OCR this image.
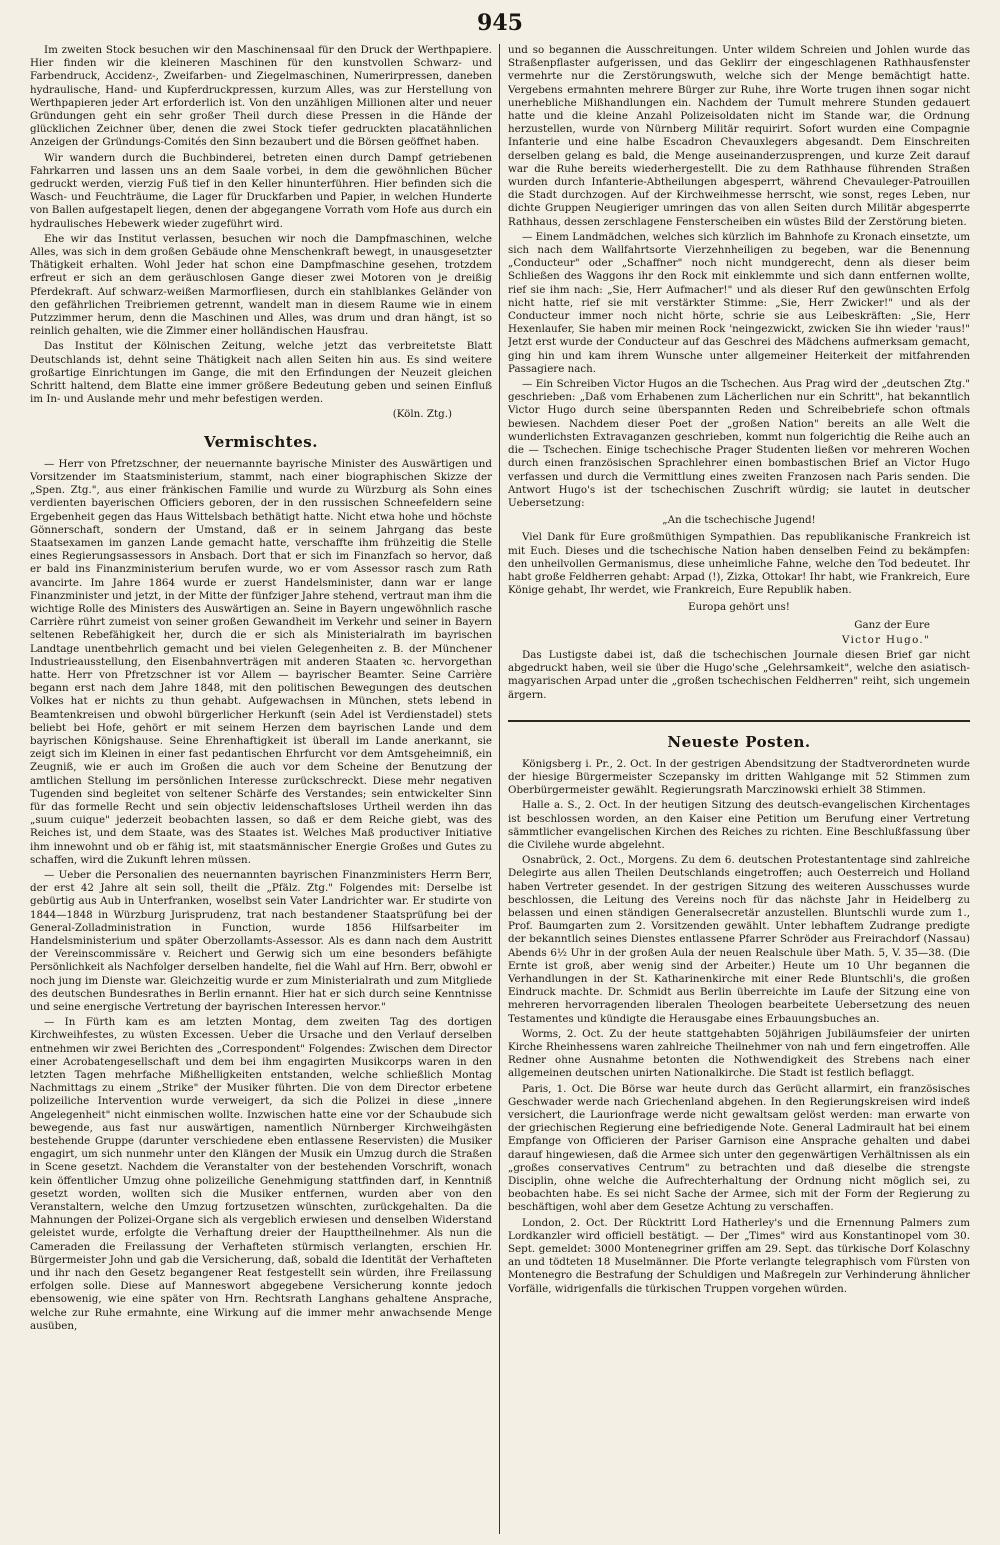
945

Im zweiten Stock besuchen wir den Maschinensaal für den Druck der Werthpapiere. Hier finden wir die kleineren Maschinen für den kunstvollen Schwarz- und Farbendruck, Accidenz-, Zweifarben- und Ziegelmaschinen, Numerirpressen, daneben hydraulische, Hand- und Kupferdruckpressen, kurzum Alles, was zur Herstellung von Werthpapieren jeder Art erforderlich ist. Von den unzähligen Millionen alter und neuer Gründungen geht ein sehr großer Theil durch diese Pressen in die Hände der glücklichen Zeichner über, denen die zwei Stock tiefer gedruckten placatähnlichen Anzeigen der Gründungs-Comités den Sinn bezaubert und die Börsen geöffnet haben.

Wir wandern durch die Buchbinderei, betreten einen durch Dampf getriebenen Fahrkarren und lassen uns an dem Saale vorbei, in dem die gewöhnlichen Bücher gedruckt werden, vierzig Fuß tief in den Keller hinunterführen. Hier befinden sich die Wasch- und Feuchträume, die Lager für Druckfarben und Papier, in welchen Hunderte von Ballen aufgestapelt liegen, denen der abgegangene Vorrath vom Hofe aus durch ein hydraulisches Hebewerk wieder zugeführt wird.

Ehe wir das Institut verlassen, besuchen wir noch die Dampfmaschinen, welche Alles, was sich in dem großen Gebäude ohne Menschenkraft bewegt, in unausgesetzter Thätigkeit erhalten. Wohl Jeder hat schon eine Dampfmaschine gesehen, trotzdem erfreut er sich an dem geräuschlosen Gange dieser zwei Motoren von je dreißig Pferdekraft. Auf schwarz-weißen Marmorfliesen, durch ein stahlblankes Geländer von den gefährlichen Treibriemen getrennt, wandelt man in diesem Raume wie in einem Putzzimmer herum, denn die Maschinen und Alles, was drum und dran hängt, ist so reinlich gehalten, wie die Zimmer einer holländischen Hausfrau.

Das Institut der Kölnischen Zeitung, welche jetzt das verbreitetste Blatt Deutschlands ist, dehnt seine Thätigkeit nach allen Seiten hin aus. Es sind weitere großartige Einrichtungen im Gange, die mit den Erfindungen der Neuzeit gleichen Schritt haltend, dem Blatte eine immer größere Bedeutung geben und seinen Einfluß im In- und Auslande mehr und mehr befestigen werden.

(Köln. Ztg.)
Vermischtes.

— Herr von Pfretzschner, der neuernannte bayrische Minister des Auswärtigen und Vorsitzender im Staatsministerium, stammt, nach einer biographischen Skizze der „Spen. Ztg.", aus einer fränkischen Familie und wurde zu Würzburg als Sohn eines verdienten bayerischen Officiers geboren, der in den russischen Schneefeldern seine Ergebenheit gegen das Haus Wittelsbach bethätigt hatte. Nicht etwa hohe und höchste Gönnerschaft, sondern der Umstand, daß er in seinem Jahrgang das beste Staatsexamen im ganzen Lande gemacht hatte, verschaffte ihm frühzeitig die Stelle eines Regierungsassessors in Ansbach. Dort that er sich im Finanzfach so hervor, daß er bald ins Finanzministerium berufen wurde, wo er vom Assessor rasch zum Rath avancirte. Im Jahre 1864 wurde er zuerst Handelsminister, dann war er lange Finanzminister und jetzt, in der Mitte der fünfziger Jahre stehend, vertraut man ihm die wichtige Rolle des Ministers des Auswärtigen an. Seine in Bayern ungewöhnlich rasche Carrière rührt zumeist von seiner großen Gewandheit im Verkehr und seiner in Bayern seltenen Rebefähigkeit her, durch die er sich als Ministerialrath im bayrischen Landtage unentbehrlich gemacht und bei vielen Gelegenheiten z. B. der Münchener Industrieausstellung, den Eisenbahnverträgen mit anderen Staaten ꝛc. hervorgethan hatte. Herr von Pfretzschner ist vor Allem — bayrischer Beamter. Seine Carrière begann erst nach dem Jahre 1848, mit den politischen Bewegungen des deutschen Volkes hat er nichts zu thun gehabt. Aufgewachsen in München, stets lebend in Beamtenkreisen und obwohl bürgerlicher Herkunft (sein Adel ist Verdienstadel) stets beliebt bei Hofe, gehört er mit seinem Herzen dem bayrischen Lande und dem bayrischen Königshause. Seine Ehrenhaftigkeit ist überall im Lande anerkannt, sie zeigt sich im Kleinen in einer fast pedantischen Ehrfurcht vor dem Amtsgeheimniß, ein Zeugniß, wie er auch im Großen die auch vor dem Scheine der Benutzung der amtlichen Stellung im persönlichen Interesse zurückschreckt. Diese mehr negativen Tugenden sind begleitet von seltener Schärfe des Verstandes; sein entwickelter Sinn für das formelle Recht und sein objectiv leidenschaftsloses Urtheil werden ihn das „suum cuique" jederzeit beobachten lassen, so daß er dem Reiche giebt, was des Reiches ist, und dem Staate, was des Staates ist. Welches Maß productiver Initiative ihm innewohnt und ob er fähig ist, mit staatsmännischer Energie Großes und Gutes zu schaffen, wird die Zukunft lehren müssen.

— Ueber die Personalien des neuernannten bayrischen Finanzministers Herrn Berr, der erst 42 Jahre alt sein soll, theilt die „Pfälz. Ztg." Folgendes mit: Derselbe ist gebürtig aus Aub in Unterfranken, woselbst sein Vater Landrichter war. Er studirte von 1844—1848 in Würzburg Jurisprudenz, trat nach bestandener Staatsprüfung bei der General-Zolladministration in Function, wurde 1856 Hilfsarbeiter im Handelsministerium und später Oberzollamts-Assessor. Als es dann nach dem Austritt der Vereinscommissäre v. Reichert und Gerwig sich um eine besonders befähigte Persönlichkeit als Nachfolger derselben handelte, fiel die Wahl auf Hrn. Berr, obwohl er noch jung im Dienste war. Gleichzeitig wurde er zum Ministerialrath und zum Mitgliede des deutschen Bundesrathes in Berlin ernannt. Hier hat er sich durch seine Kenntnisse und seine energische Vertretung der bayrischen Interessen hervor."

— In Fürth kam es am letzten Montag, dem zweiten Tag des dortigen Kirchweihfestes, zu wüsten Excessen. Ueber die Ursache und den Verlauf derselben entnehmen wir zwei Berichten des „Correspondent" Folgendes: Zwischen dem Director einer Acrobatengesellschaft und dem bei ihm engagirten Musikcorps waren in den letzten Tagen mehrfache Mißhelligkeiten entstanden, welche schließlich Montag Nachmittags zu einem „Strike" der Musiker führten. Die von dem Director erbetene polizeiliche Intervention wurde verweigert, da sich die Polizei in diese „innere Angelegenheit" nicht einmischen wollte. Inzwischen hatte eine vor der Schaubude sich bewegende, aus fast nur auswärtigen, namentlich Nürnberger Kirchweihgästen bestehende Gruppe (darunter verschiedene eben entlassene Reservisten) die Musiker engagirt, um sich nunmehr unter den Klängen der Musik ein Umzug durch die Straßen in Scene gesetzt. Nachdem die Veranstalter von der bestehenden Vorschrift, wonach kein öffentlicher Umzug ohne polizeiliche Genehmigung stattfinden darf, in Kenntniß gesetzt worden, wollten sich die Musiker entfernen, wurden aber von den Veranstaltern, welche den Umzug fortzusetzen wünschten, zurückgehalten. Da die Mahnungen der Polizei-Organe sich als vergeblich erwiesen und denselben Widerstand geleistet wurde, erfolgte die Verhaftung dreier der Haupttheilnehmer. Als nun die Cameraden die Freilassung der Verhafteten stürmisch verlangten, erschien Hr. Bürgermeister John und gab die Versicherung, daß, sobald die Identität der Verhafteten und ihr nach den Gesetz begangener Reat festgestellt sein würden, ihre Freilassung erfolgen solle. Diese auf Manneswort abgegebene Versicherung konnte jedoch ebensowenig, wie eine später von Hrn. Rechtsrath Langhans gehaltene Ansprache, welche zur Ruhe ermahnte, eine Wirkung auf die immer mehr anwachsende Menge ausüben,

und so begannen die Ausschreitungen. Unter wildem Schreien und Johlen wurde das Straßenpflaster aufgerissen, und das Geklirr der eingeschlagenen Rathhausfenster vermehrte nur die Zerstörungswuth, welche sich der Menge bemächtigt hatte. Vergebens ermahnten mehrere Bürger zur Ruhe, ihre Worte trugen ihnen sogar nicht unerhebliche Mißhandlungen ein. Nachdem der Tumult mehrere Stunden gedauert hatte und die kleine Anzahl Polizeisoldaten nicht im Stande war, die Ordnung herzustellen, wurde von Nürnberg Militär requirirt. Sofort wurden eine Compagnie Infanterie und eine halbe Escadron Chevauxlegers abgesandt. Dem Einschreiten derselben gelang es bald, die Menge auseinanderzusprengen, und kurze Zeit darauf war die Ruhe bereits wiederhergestellt. Die zu dem Rathhause führenden Straßen wurden durch Infanterie-Abtheilungen abgesperrt, während Chevauleger-Patrouillen die Stadt durchzogen. Auf der Kirchweihmesse herrscht, wie sonst, reges Leben, nur dichte Gruppen Neugieriger umringen das von allen Seiten durch Militär abgesperrte Rathhaus, dessen zerschlagene Fensterscheiben ein wüstes Bild der Zerstörung bieten.

— Einem Landmädchen, welches sich kürzlich im Bahnhofe zu Kronach einsetzte, um sich nach dem Wallfahrtsorte Vierzehnheiligen zu begeben, war die Benennung „Conducteur" oder „Schaffner" noch nicht mundgerecht, denn als dieser beim Schließen des Waggons ihr den Rock mit einklemmte und sich dann entfernen wollte, rief sie ihm nach: „Sie, Herr Aufmacher!" und als dieser Ruf den gewünschten Erfolg nicht hatte, rief sie mit verstärkter Stimme: „Sie, Herr Zwicker!" und als der Conducteur immer noch nicht hörte, schrie sie aus Leibeskräften: „Sie, Herr Hexenlaufer, Sie haben mir meinen Rock 'neingezwickt, zwicken Sie ihn wieder 'raus!" Jetzt erst wurde der Conducteur auf das Geschrei des Mädchens aufmerksam gemacht, ging hin und kam ihrem Wunsche unter allgemeiner Heiterkeit der mitfahrenden Passagiere nach.

— Ein Schreiben Victor Hugos an die Tschechen. Aus Prag wird der „deutschen Ztg." geschrieben: „Daß vom Erhabenen zum Lächerlichen nur ein Schritt", hat bekanntlich Victor Hugo durch seine überspannten Reden und Schreibebriefe schon oftmals bewiesen. Nachdem dieser Poet der „großen Nation" bereits an alle Welt die wunderlichsten Extravaganzen geschrieben, kommt nun folgerichtig die Reihe auch an die — Tschechen. Einige tschechische Prager Studenten ließen vor mehreren Wochen durch einen französischen Sprachlehrer einen bombastischen Brief an Victor Hugo verfassen und durch die Vermittlung eines zweiten Franzosen nach Paris senden. Die Antwort Hugo's ist der tschechischen Zuschrift würdig; sie lautet in deutscher Uebersetzung:

„An die tschechische Jugend!

Viel Dank für Eure großmüthigen Sympathien. Das republikanische Frankreich ist mit Euch. Dieses und die tschechische Nation haben denselben Feind zu bekämpfen: den unheilvollen Germanismus, diese unheimliche Fahne, welche den Tod bedeutet. Ihr habt große Feldherren gehabt: Arpad (!), Zizka, Ottokar! Ihr habt, wie Frankreich, Eure Könige gehabt, Ihr werdet, wie Frankreich, Eure Republik haben.

Europa gehört uns!

Ganz der Eure

Victor Hugo."

Das Lustigste dabei ist, daß die tschechischen Journale diesen Brief gar nicht abgedruckt haben, weil sie über die Hugo'sche „Gelehrsamkeit", welche den asiatisch-magyarischen Arpad unter die „großen tschechischen Feldherren" reiht, sich ungemein ärgern.

Neueste Posten.

Königsberg i. Pr., 2. Oct. In der gestrigen Abendsitzung der Stadtverordneten wurde der hiesige Bürgermeister Sczepansky im dritten Wahlgange mit 52 Stimmen zum Oberbürgermeister gewählt. Regierungsrath Marczinowski erhielt 38 Stimmen.

Halle a. S., 2. Oct. In der heutigen Sitzung des deutsch-evangelischen Kirchentages ist beschlossen worden, an den Kaiser eine Petition um Berufung einer Vertretung sämmtlicher evangelischen Kirchen des Reiches zu richten. Eine Beschlußfassung über die Civilehe wurde abgelehnt.

Osnabrück, 2. Oct., Morgens. Zu dem 6. deutschen Protestantentage sind zahlreiche Delegirte aus allen Theilen Deutschlands eingetroffen; auch Oesterreich und Holland haben Vertreter gesendet. In der gestrigen Sitzung des weiteren Ausschusses wurde beschlossen, die Leitung des Vereins noch für das nächste Jahr in Heidelberg zu belassen und einen ständigen Generalsecretär anzustellen. Bluntschli wurde zum 1., Prof. Baumgarten zum 2. Vorsitzenden gewählt. Unter lebhaftem Zudrange predigte der bekanntlich seines Dienstes entlassene Pfarrer Schröder aus Freirachdorf (Nassau) Abends 6½ Uhr in der großen Aula der neuen Realschule über Math. 5, V. 35—38. (Die Ernte ist groß, aber wenig sind der Arbeiter.) Heute um 10 Uhr begannen die Verhandlungen in der St. Katharinenkirche mit einer Rede Bluntschli's, die großen Eindruck machte. Dr. Schmidt aus Berlin überreichte im Laufe der Sitzung eine von mehreren hervorragenden liberalen Theologen bearbeitete Uebersetzung des neuen Testamentes und kündigte die Herausgabe eines Erbauungsbuches an.

Worms, 2. Oct. Zu der heute stattgehabten 50jährigen Jubiläumsfeier der unirten Kirche Rheinhessens waren zahlreiche Theilnehmer von nah und fern eingetroffen. Alle Redner ohne Ausnahme betonten die Nothwendigkeit des Strebens nach einer allgemeinen deutschen unirten Nationalkirche. Die Stadt ist festlich beflaggt.

Paris, 1. Oct. Die Börse war heute durch das Gerücht allarmirt, ein französisches Geschwader werde nach Griechenland abgehen. In den Regierungskreisen wird indeß versichert, die Laurionfrage werde nicht gewaltsam gelöst werden: man erwarte von der griechischen Regierung eine befriedigende Note. General Ladmirault hat bei einem Empfange von Officieren der Pariser Garnison eine Ansprache gehalten und dabei darauf hingewiesen, daß die Armee sich unter den gegenwärtigen Verhältnissen als ein „großes conservatives Centrum" zu betrachten und daß dieselbe die strengste Disciplin, ohne welche die Aufrechterhaltung der Ordnung nicht möglich sei, zu beobachten habe. Es sei nicht Sache der Armee, sich mit der Form der Regierung zu beschäftigen, wohl aber dem Gesetze Achtung zu verschaffen.

London, 2. Oct. Der Rücktritt Lord Hatherley's und die Ernennung Palmers zum Lordkanzler wird officiell bestätigt. — Der „Times" wird aus Konstantinopel vom 30. Sept. gemeldet: 3000 Montenegriner griffen am 29. Sept. das türkische Dorf Kolaschny an und tödteten 18 Muselmänner. Die Pforte verlangte telegraphisch vom Fürsten von Montenegro die Bestrafung der Schuldigen und Maßregeln zur Verhinderung ähnlicher Vorfälle, widrigenfalls die türkischen Truppen vorgehen würden.
